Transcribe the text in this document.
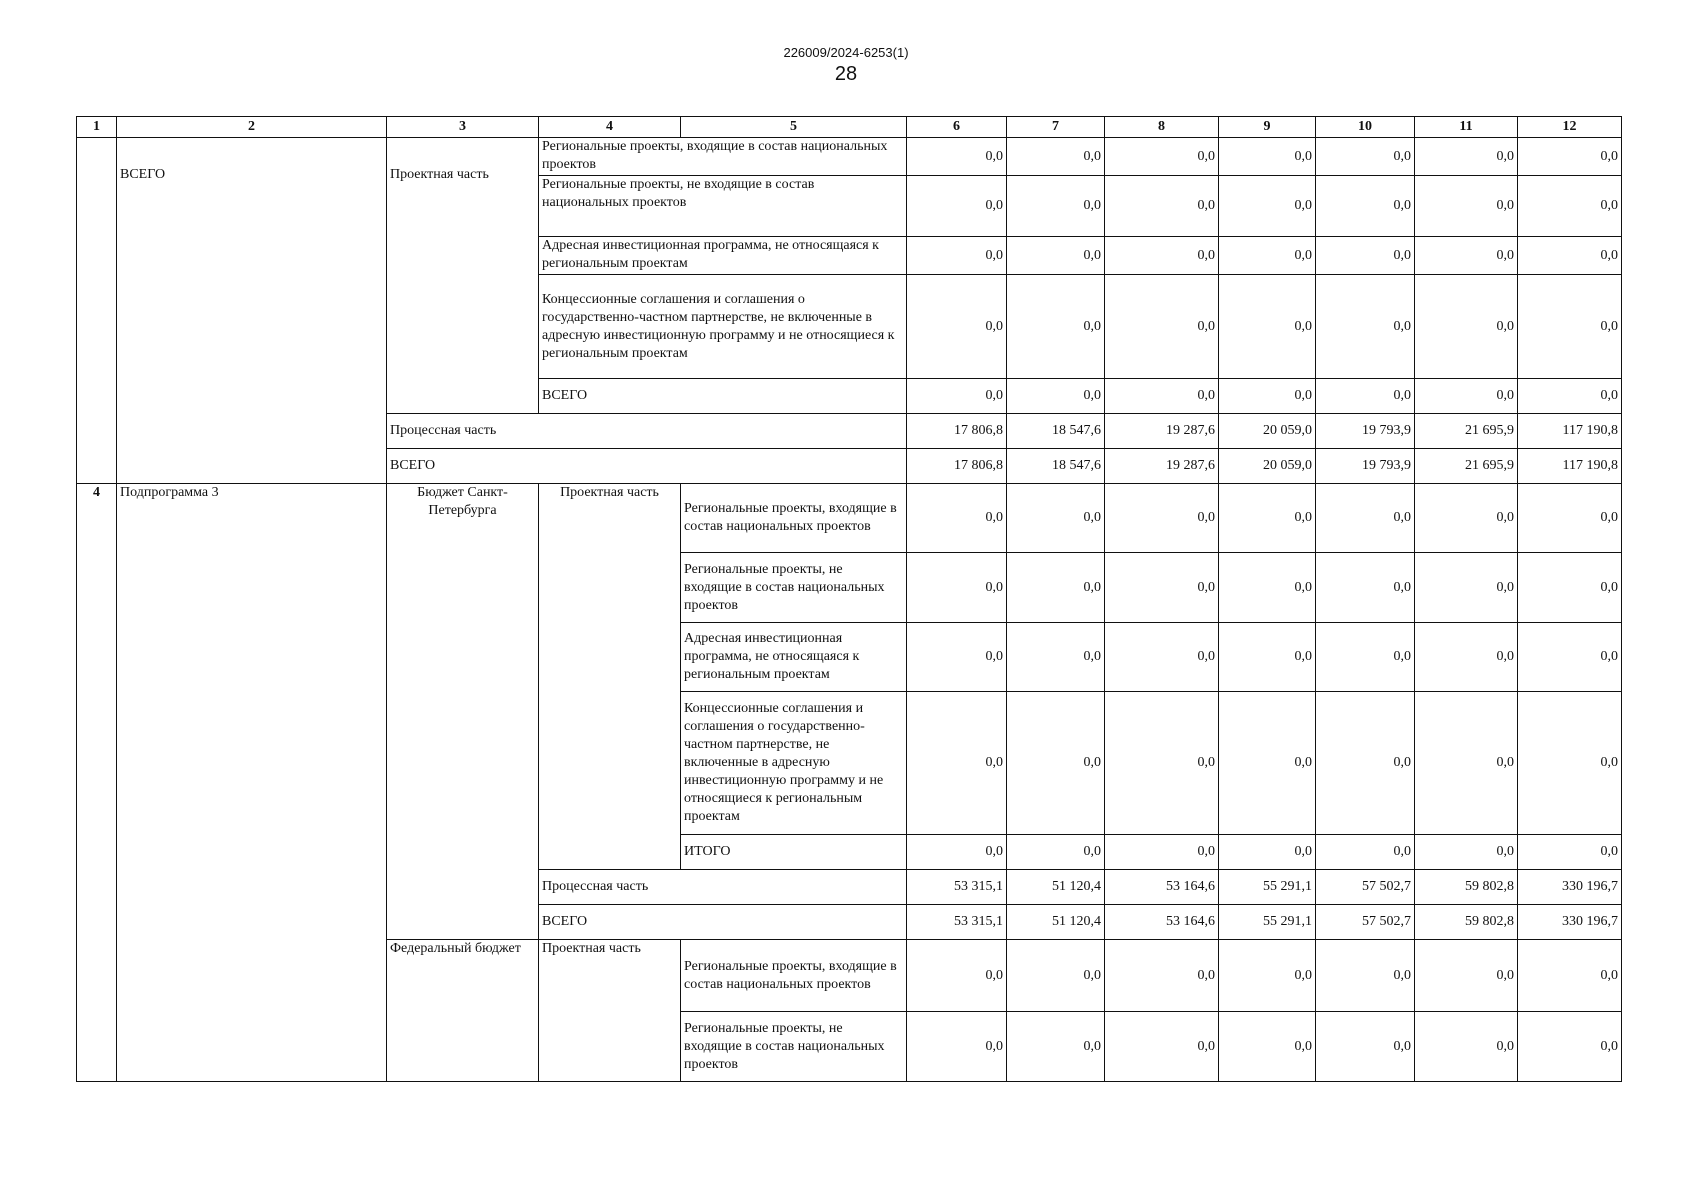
226009/2024-6253(1)
28
1	2	3	4	5	6	7	8	9	10	11	12
	ВСЕГО	Проектная часть	Региональные проекты, входящие в состав национальных проектов		0,0	0,0	0,0	0,0	0,0	0,0	0,0
			Региональные проекты, не входящие в состав национальных проектов		0,0	0,0	0,0	0,0	0,0	0,0	0,0
			Адресная инвестиционная программа, не относящаяся к региональным проектам		0,0	0,0	0,0	0,0	0,0	0,0	0,0
			Концессионные соглашения и соглашения о государственно-частном партнерстве, не включенные в адресную инвестиционную программу и не относящиеся к региональным проектам		0,0	0,0	0,0	0,0	0,0	0,0	0,0
			ВСЕГО		0,0	0,0	0,0	0,0	0,0	0,0	0,0
		Процессная часть			17 806,8	18 547,6	19 287,6	20 059,0	19 793,9	21 695,9	117 190,8
		ВСЕГО			17 806,8	18 547,6	19 287,6	20 059,0	19 793,9	21 695,9	117 190,8
4	Подпрограмма 3	Бюджет Санкт-Петербурга	Проектная часть	Региональные проекты, входящие в состав национальных проектов	0,0	0,0	0,0	0,0	0,0	0,0	0,0
				Региональные проекты, не входящие в состав национальных проектов	0,0	0,0	0,0	0,0	0,0	0,0	0,0
				Адресная инвестиционная программа, не относящаяся к региональным проектам	0,0	0,0	0,0	0,0	0,0	0,0	0,0
				Концессионные соглашения и соглашения о государственно-частном партнерстве, не включенные в адресную инвестиционную программу и не относящиеся к региональным проектам	0,0	0,0	0,0	0,0	0,0	0,0	0,0
				ИТОГО	0,0	0,0	0,0	0,0	0,0	0,0	0,0
			Процессная часть		53 315,1	51 120,4	53 164,6	55 291,1	57 502,7	59 802,8	330 196,7
			ВСЕГО		53 315,1	51 120,4	53 164,6	55 291,1	57 502,7	59 802,8	330 196,7
		Федеральный бюджет	Проектная часть	Региональные проекты, входящие в состав национальных проектов	0,0	0,0	0,0	0,0	0,0	0,0	0,0
				Региональные проекты, не входящие в состав национальных проектов	0,0	0,0	0,0	0,0	0,0	0,0	0,0
